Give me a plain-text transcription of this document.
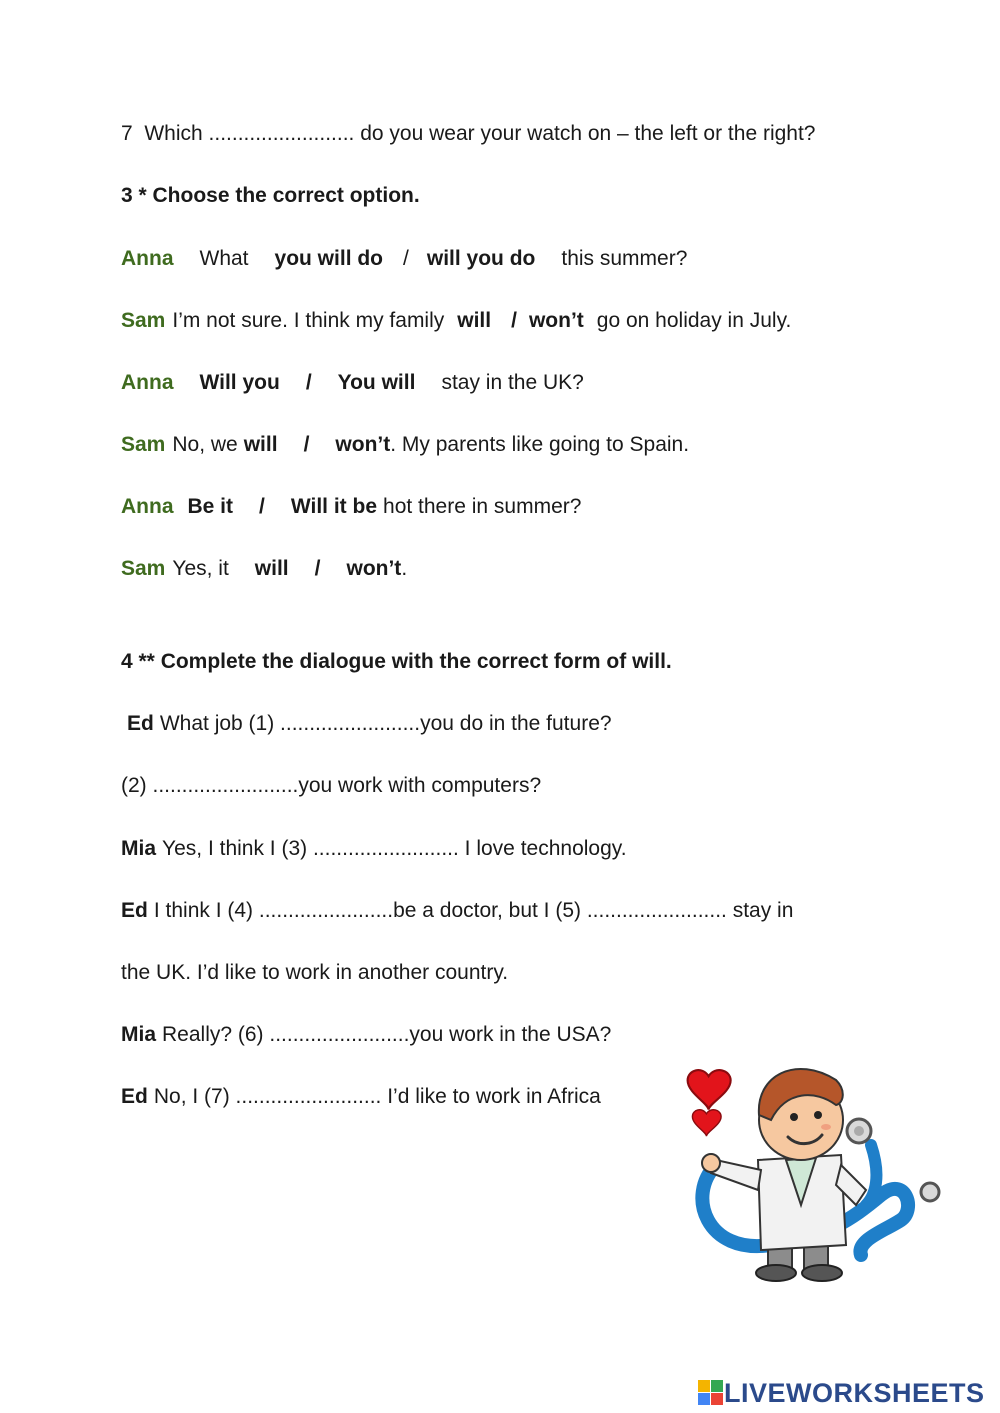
7  Which ......................... do you wear your watch on – the left or the right?
3 * Choose the correct option.
Anna What you will do / will you do this summer?
Sam I’m not sure. I think my family will / won’t go on holiday in July.
Anna Will you / You will stay in the UK?
Sam No, we will / won’t. My parents like going to Spain.
Anna Be it / Will it be hot there in summer?
Sam Yes, it will / won’t.
4 ** Complete the dialogue with the correct form of will.
Ed What job (1) ........................you do in the future?
(2) .........................you work with computers?
Mia Yes, I think I (3) ......................... I love technology.
Ed I think I (4) .......................be a doctor, but I (5) ........................ stay in
the UK. I’d like to work in another country.
Mia Really? (6) ........................you work in the USA?
Ed No, I (7) ......................... I’d like to work in Africa
LIVEWORKSHEETS
